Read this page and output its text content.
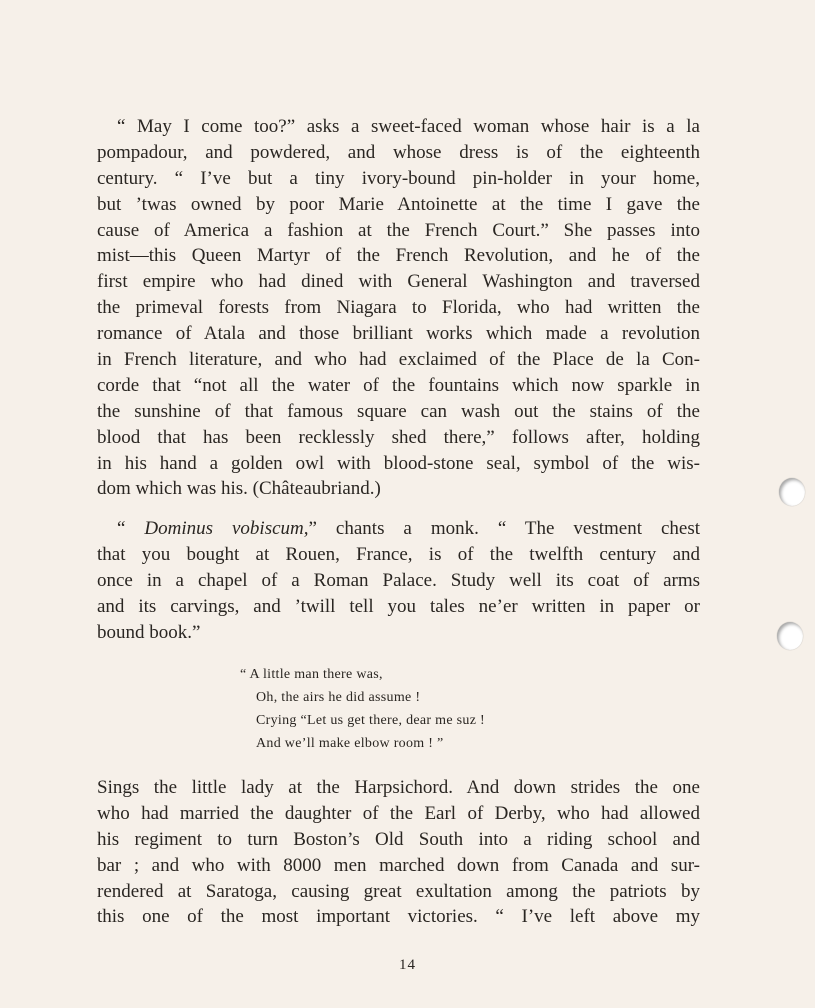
“ May I come too?” asks a sweet-faced woman whose hair is a la
pompadour, and powdered, and whose dress is of the eighteenth
century. “ I’ve but a tiny ivory-bound pin-holder in your home,
but ’twas owned by poor Marie Antoinette at the time I gave the
cause of America a fashion at the French Court.” She passes into
mist—this Queen Martyr of the French Revolution, and he of the
first empire who had dined with General Washington and traversed
the primeval forests from Niagara to Florida, who had written the
romance of Atala and those brilliant works which made a revolution
in French literature, and who had exclaimed of the Place de la Con-
corde that “not all the water of the fountains which now sparkle in
the sunshine of that famous square can wash out the stains of the
blood that has been recklessly shed there,” follows after, holding
in his hand a golden owl with blood-stone seal, symbol of the wis-
dom which was his. (Châteaubriand.)
“ Dominus vobiscum,” chants a monk. “ The vestment chest
that you bought at Rouen, France, is of the twelfth century and
once in a chapel of a Roman Palace. Study well its coat of arms
and its carvings, and ’twill tell you tales ne’er written in paper or
bound book.”
“ A little man there was,
Oh, the airs he did assume !
Crying “Let us get there, dear me suz !
And we’ll make elbow room ! ”
Sings the little lady at the Harpsichord. And down strides the one
who had married the daughter of the Earl of Derby, who had allowed
his regiment to turn Boston’s Old South into a riding school and
bar ; and who with 8000 men marched down from Canada and sur-
rendered at Saratoga, causing great exultation among the patriots by
this one of the most important victories. “ I’ve left above my
14
